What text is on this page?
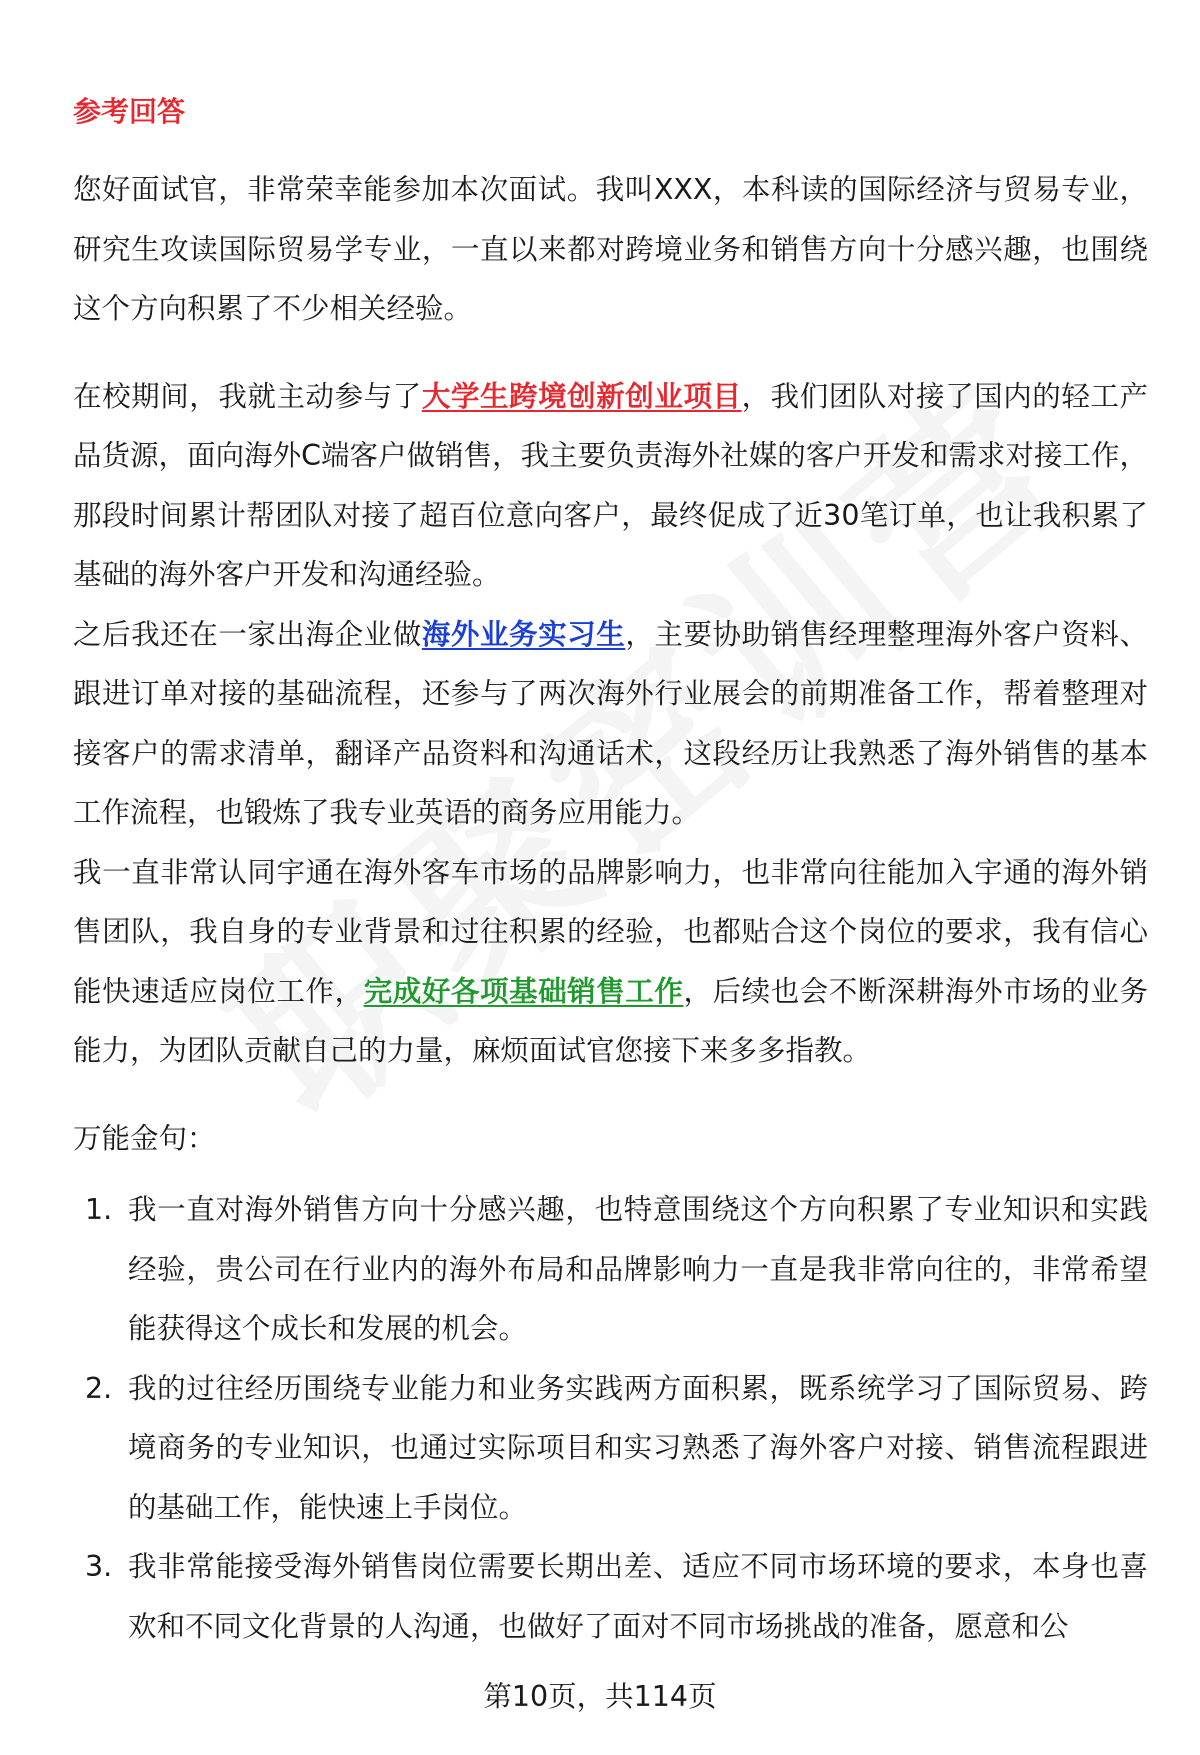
参考回答

您好面试官，非常荣幸能参加本次面试。我叫XXX，本科读的国际经济与贸易专业，研究生攻读国际贸易学专业，一直以来都对跨境业务和销售方向十分感兴趣，也围绕这个方向积累了不少相关经验。

在校期间，我就主动参与了大学生跨境创新创业项目，我们团队对接了国内的轻工产品货源，面向海外C端客户做销售，我主要负责海外社媒的客户开发和需求对接工作，那段时间累计帮团队对接了超百位意向客户，最终促成了近30笔订单，也让我积累了基础的海外客户开发和沟通经验。

之后我还在一家出海企业做海外业务实习生，主要协助销售经理整理海外客户资料、跟进订单对接的基础流程，还参与了两次海外行业展会的前期准备工作，帮着整理对接客户的需求清单，翻译产品资料和沟通话术，这段经历让我熟悉了海外销售的基本工作流程，也锻炼了我专业英语的商务应用能力。

我一直非常认同宇通在海外客车市场的品牌影响力，也非常向往能加入宇通的海外销售团队，我自身的专业背景和过往积累的经验，也都贴合这个岗位的要求，我有信心能快速适应岗位工作，完成好各项基础销售工作，后续也会不断深耕海外市场的业务能力，为团队贡献自己的力量，麻烦面试官您接下来多多指教。

万能金句：

1. 我一直对海外销售方向十分感兴趣，也特意围绕这个方向积累了专业知识和实践经验，贵公司在行业内的海外布局和品牌影响力一直是我非常向往的，非常希望能获得这个成长和发展的机会。
2. 我的过往经历围绕专业能力和业务实践两方面积累，既系统学习了国际贸易、跨境商务的专业知识，也通过实际项目和实习熟悉了海外客户对接、销售流程跟进的基础工作，能快速上手岗位。
3. 我非常能接受海外销售岗位需要长期出差、适应不同市场环境的要求，本身也喜欢和不同文化背景的人沟通，也做好了面对不同市场挑战的准备，愿意和公
第10页，共114页
